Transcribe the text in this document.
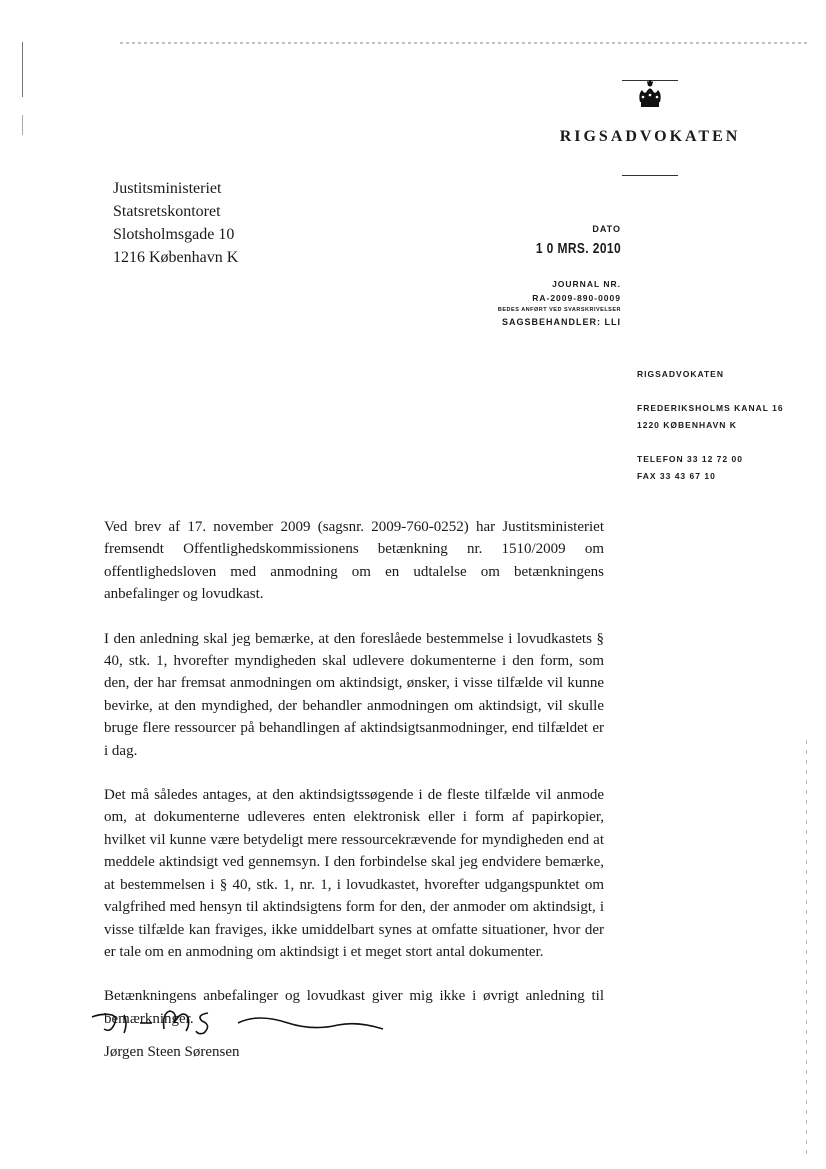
RIGSADVOKATEN
Justitsministeriet
Statsretskontoret
Slotsholmsgade 10
1216 København K
DATO
1 0 MRS. 2010
JOURNAL NR.
RA-2009-890-0009
BEDES ANFØRT VED SVARSKRIVELSER
SAGSBEHANDLER: LLI
RIGSADVOKATEN
FREDERIKSHOLMS KANAL 16
1220 KØBENHAVN K
TELEFON 33 12 72 00
FAX 33 43 67 10

Ved brev af 17. november 2009 (sagsnr. 2009-760-0252) har Justitsministeriet fremsendt Offentlighedskommissionens betænkning nr. 1510/2009 om offentlighedsloven med anmodning om en udtalelse om betænkningens anbefalinger og lovudkast.

I den anledning skal jeg bemærke, at den foreslåede bestemmelse i lovudkastets § 40, stk. 1, hvorefter myndigheden skal udlevere dokumenterne i den form, som den, der har fremsat anmodningen om aktindsigt, ønsker, i visse tilfælde vil kunne bevirke, at den myndighed, der behandler anmodningen om aktindsigt, vil skulle bruge flere ressourcer på behandlingen af aktindsigtsanmodninger, end tilfældet er i dag.

Det må således antages, at den aktindsigtssøgende i de fleste tilfælde vil anmode om, at dokumenterne udleveres enten elektronisk eller i form af papirkopier, hvilket vil kunne være betydeligt mere ressourcekrævende for myndigheden end at meddele aktindsigt ved gennemsyn. I den forbindelse skal jeg endvidere bemærke, at bestemmelsen i § 40, stk. 1, nr. 1, i lovudkastet, hvorefter udgangspunktet om valgfrihed med hensyn til aktindsigtens form for den, der anmoder om aktindsigt, i visse tilfælde kan fraviges, ikke umiddelbart synes at omfatte situationer, hvor der er tale om en anmodning om aktindsigt i et meget stort antal dokumenter.

Betænkningens anbefalinger og lovudkast giver mig ikke i øvrigt anledning til bemærkninger.

Jørgen Steen Sørensen
